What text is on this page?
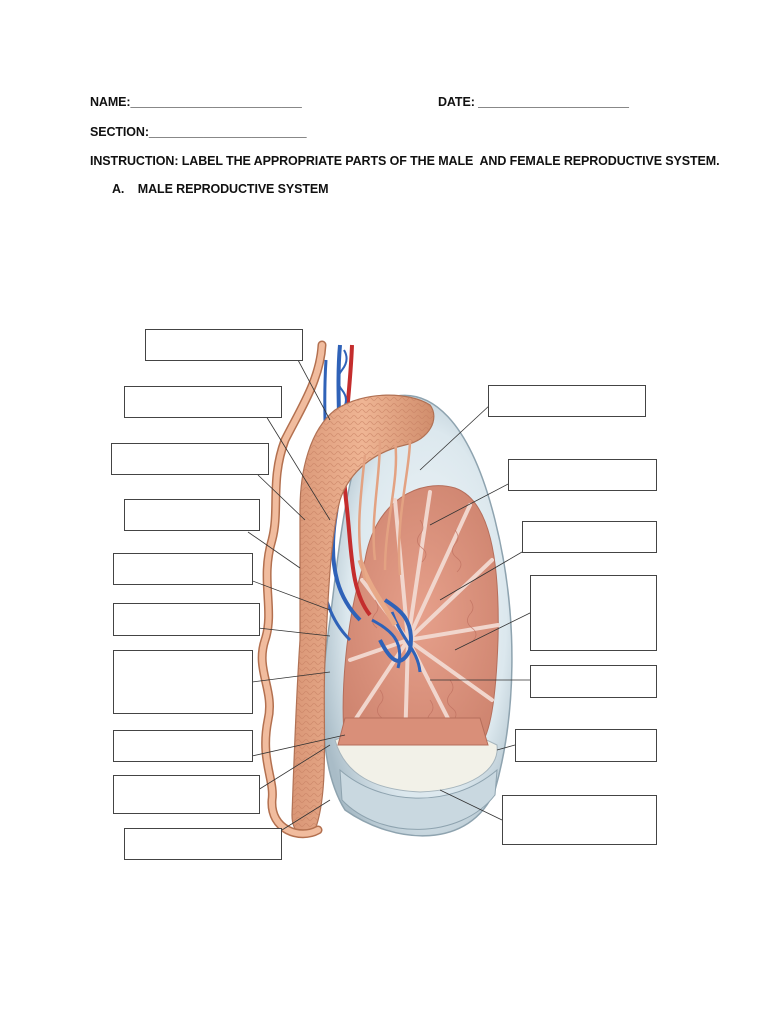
NAME:_________________________	DATE: ______________________
SECTION:_______________________
INSTRUCTION: LABEL THE APPROPRIATE PARTS OF THE MALE  AND FEMALE REPRODUCTIVE SYSTEM.
A.    MALE REPRODUCTIVE SYSTEM
